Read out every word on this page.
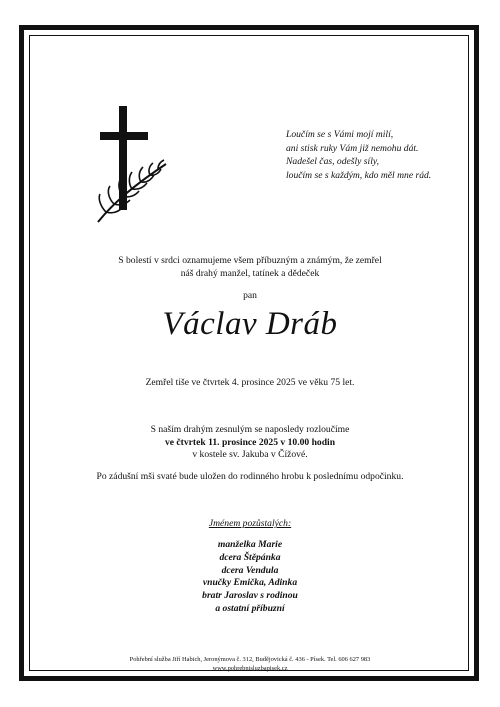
Loučím se s Vámi mojí milí,
ani stisk ruky Vám již nemohu dát.
Nadešel čas, odešly síly,
loučím se s každým, kdo měl mne rád.
S bolestí v srdci oznamujeme všem příbuzným a známým, že zemřel
náš drahý manžel, tatínek a dědeček
pan
Václav Dráb
Zemřel tiše ve čtvrtek 4. prosince 2025 ve věku 75 let.
S naším drahým zesnulým se naposledy rozloučíme
ve čtvrtek 11. prosince 2025 v 10.00 hodin
v kostele sv. Jakuba v Čížové.
Po zádušní mši svaté bude uložen do rodinného hrobu k poslednímu odpočinku.
Jménem pozůstalých:
manželka Marie
dcera Štěpánka
dcera Vendula
vnučky Emička, Adinka
bratr Jaroslav s rodinou
a ostatní příbuzní
Pohřební služba Jiří Habich, Jeronýmova č. 312, Budějovická č. 436 - Písek. Tel. 606 627 983
www.pohrebnisluzbapisek.cz
